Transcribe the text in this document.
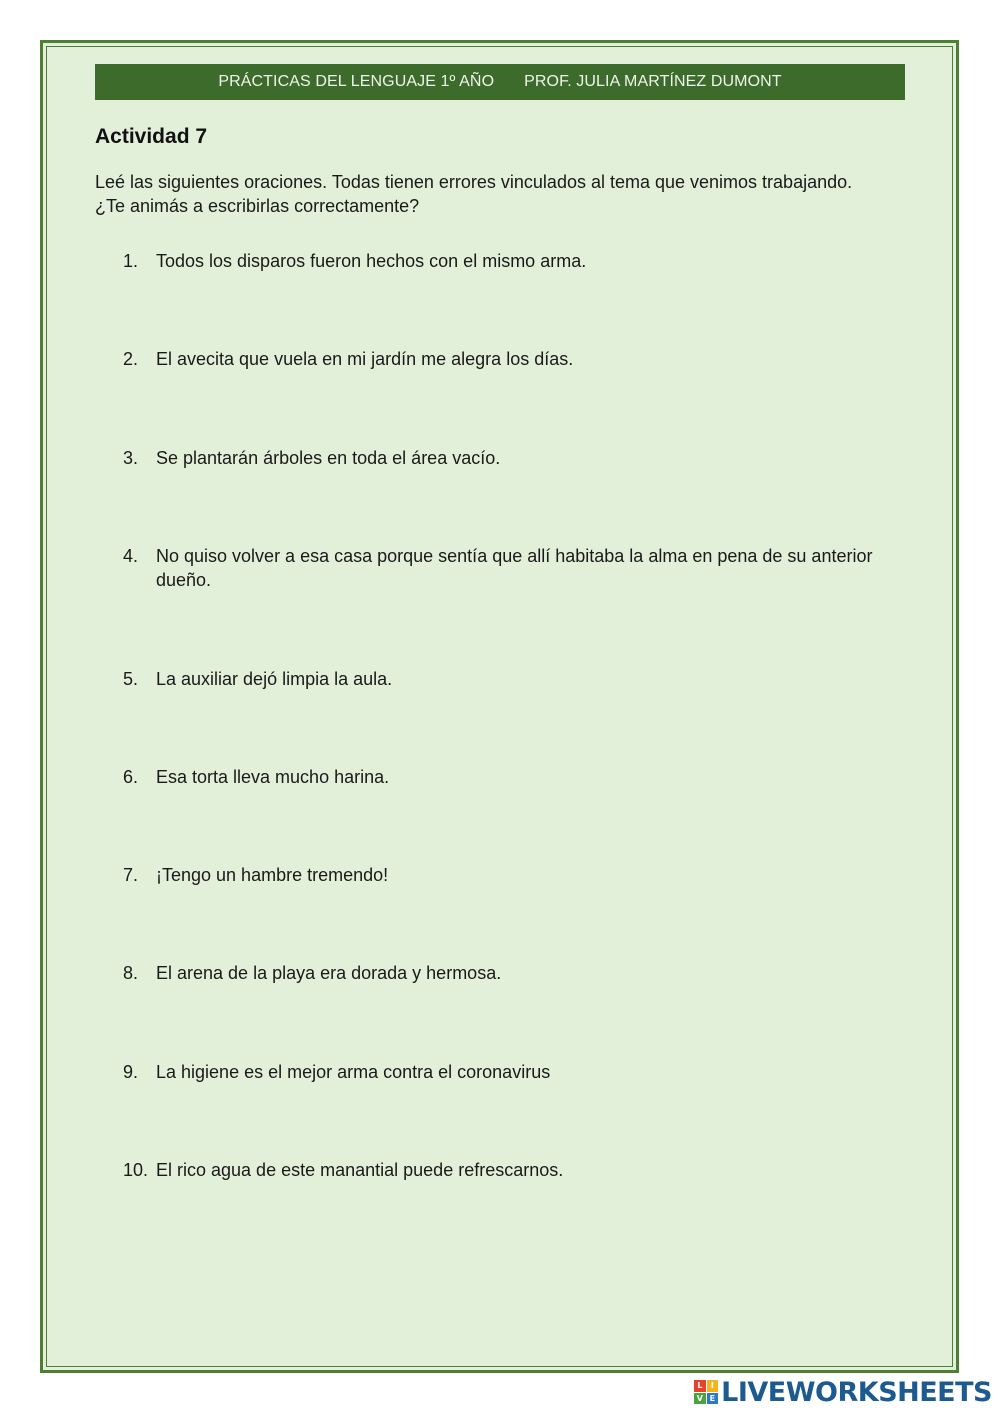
PRÁCTICAS DEL LENGUAJE 1º AÑO PROF. JULIA MARTÍNEZ DUMONT
Actividad 7

Leé las siguientes oraciones. Todas tienen errores vinculados al tema que venimos trabajando.

¿Te animás a escribirlas correctamente?

1. Todos los disparos fueron hechos con el mismo arma.
2. El avecita que vuela en mi jardín me alegra los días.
3. Se plantarán árboles en toda el área vacío.
4. No quiso volver a esa casa porque sentía que allí habitaba la alma en pena de su anterior dueño.
5. La auxiliar dejó limpia la aula.
6. Esa torta lleva mucho harina.
7. ¡Tengo un hambre tremendo!
8. El arena de la playa era dorada y hermosa.
9. La higiene es el mejor arma contra el coronavirus
10. El rico agua de este manantial puede refrescarnos.
L	I
V E LIVEWORKSHEETS
